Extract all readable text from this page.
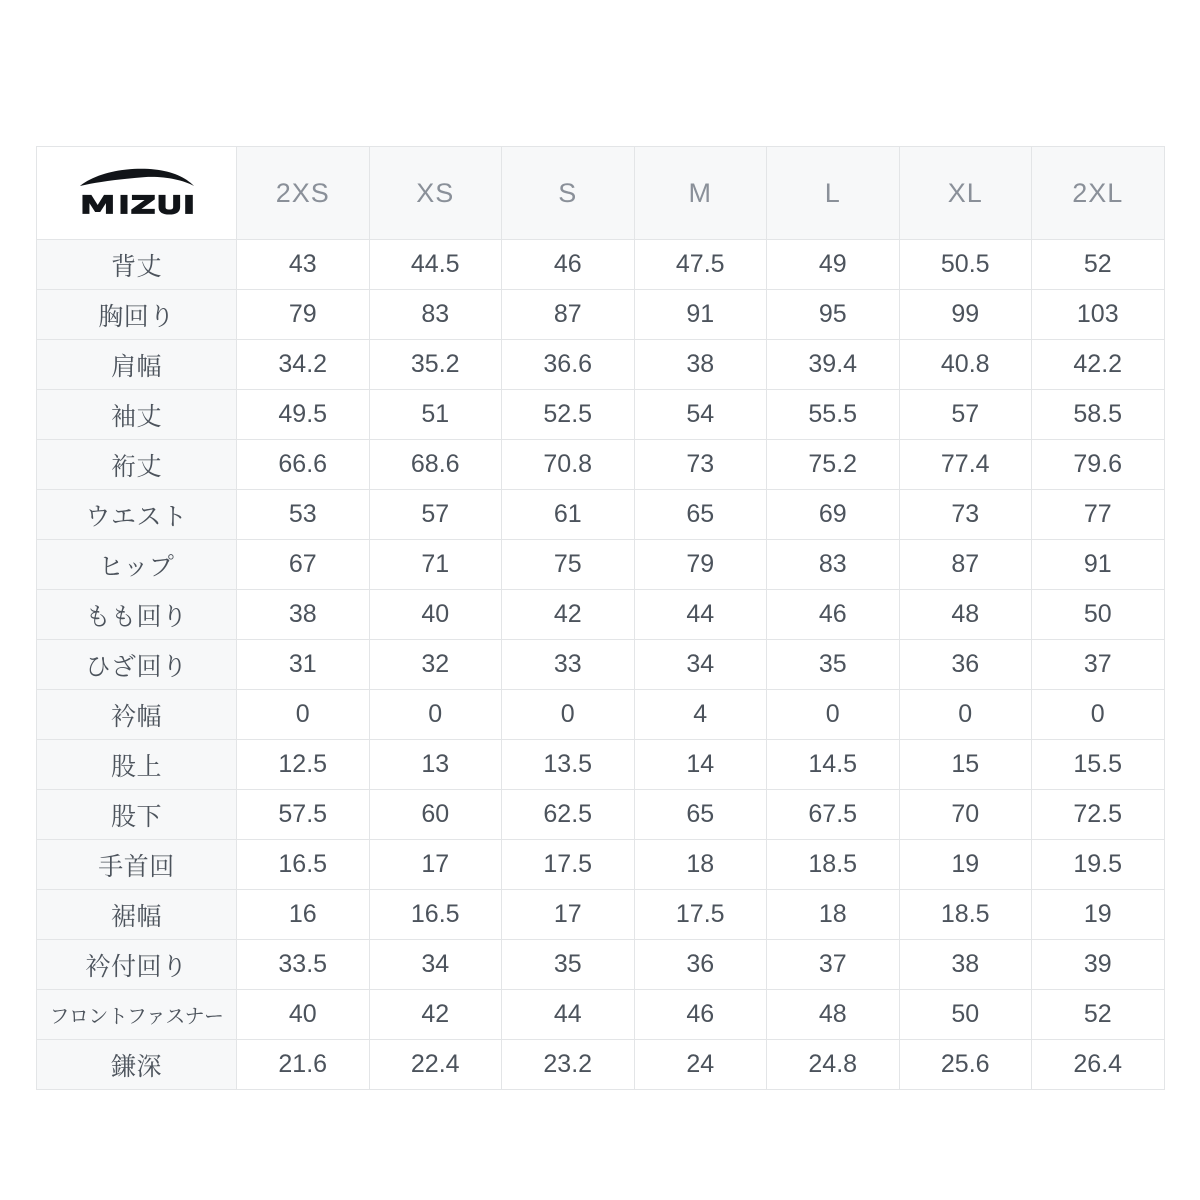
	2XS	XS	S	M	L	XL	2XL
背丈	43	44.5	46	47.5	49	50.5	52
胸回り	79	83	87	91	95	99	103
肩幅	34.2	35.2	36.6	38	39.4	40.8	42.2
袖丈	49.5	51	52.5	54	55.5	57	58.5
裄丈	66.6	68.6	70.8	73	75.2	77.4	79.6
ウエスト	53	57	61	65	69	73	77
ヒップ	67	71	75	79	83	87	91
もも回り	38	40	42	44	46	48	50
ひざ回り	31	32	33	34	35	36	37
衿幅	0	0	0	4	0	0	0
股上	12.5	13	13.5	14	14.5	15	15.5
股下	57.5	60	62.5	65	67.5	70	72.5
手首回	16.5	17	17.5	18	18.5	19	19.5
裾幅	16	16.5	17	17.5	18	18.5	19
衿付回り	33.5	34	35	36	37	38	39
フロントファスナー	40	42	44	46	48	50	52
鎌深	21.6	22.4	23.2	24	24.8	25.6	26.4
